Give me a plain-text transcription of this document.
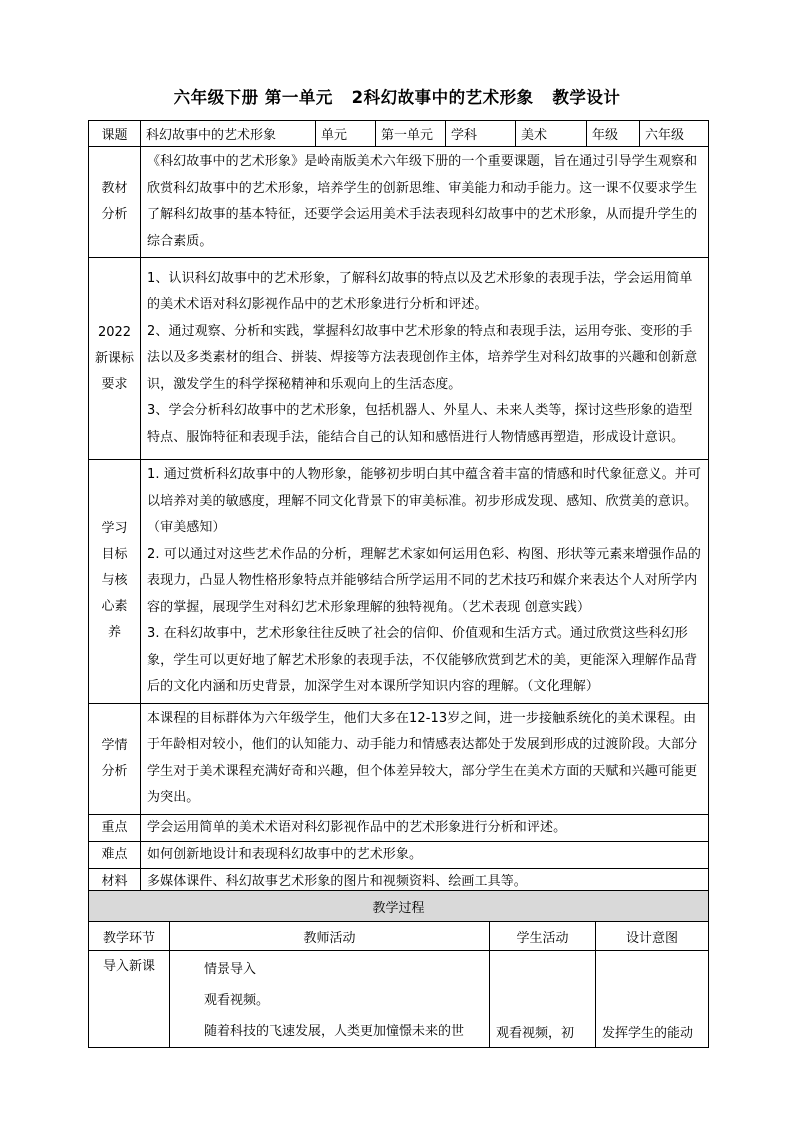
六年级下册 第一单元   2科幻故事中的艺术形象   教学设计
课题	科幻故事中的艺术形象	单元	第一单元	学科	美术	年级	六年级
教材分析	《科幻故事中的艺术形象》是岭南版美术六年级下册的一个重要课题，旨在通过引导学生观察和欣赏科幻故事中的艺术形象，培养学生的创新思维、审美能力和动手能力。这一课不仅要求学生了解科幻故事的基本特征，还要学会运用美术手法表现科幻故事中的艺术形象，从而提升学生的综合素质。						
2022新课标要求	1、认识科幻故事中的艺术形象，了解科幻故事的特点以及艺术形象的表现手法，学会运用简单的美术术语对科幻影视作品中的艺术形象进行分析和评述。

2、通过观察、分析和实践，掌握科幻故事中艺术形象的特点和表现手法，运用夸张、变形的手法以及多类素材的组合、拼装、焊接等方法表现创作主体，培养学生对科幻故事的兴趣和创新意识，激发学生的科学探秘精神和乐观向上的生活态度。

3、学会分析科幻故事中的艺术形象，包括机器人、外星人、未来人类等，探讨这些形象的造型特点、服饰特征和表现手法，能结合自己的认知和感悟进行人物情感再塑造，形成设计意识。						

学习目标与核心素养	1. 通过赏析科幻故事中的人物形象，能够初步明白其中蕴含着丰富的情感和时代象征意义。并可以培养对美的敏感度，理解不同文化背景下的审美标准。初步形成发现、感知、欣赏美的意识。（审美感知）

2. 可以通过对这些艺术作品的分析，理解艺术家如何运用色彩、构图、形状等元素来增强作品的表现力，凸显人物性格形象特点并能够结合所学运用不同的艺术技巧和媒介来表达个人对所学内容的掌握，展现学生对科幻艺术形象理解的独特视角。（艺术表现 创意实践）

3. 在科幻故事中，艺术形象往往反映了社会的信仰、价值观和生活方式。通过欣赏这些科幻形象，学生可以更好地了解艺术形象的表现手法，不仅能够欣赏到艺术的美，更能深入理解作品背后的文化内涵和历史背景，加深学生对本课所学知识内容的理解。（文化理解）						

学情分析	本课程的目标群体为六年级学生，他们大多在12-13岁之间，进一步接触系统化的美术课程。由于年龄相对较小，他们的认知能力、动手能力和情感表达都处于发展到形成的过渡阶段。大部分学生对于美术课程充满好奇和兴趣，但个体差异较大，部分学生在美术方面的天赋和兴趣可能更为突出。						
重点	学会运用简单的美术术语对科幻影视作品中的艺术形象进行分析和评述。						
难点	如何创新地设计和表现科幻故事中的艺术形象。						
材料	多媒体课件、科幻故事艺术形象的图片和视频资料、绘画工具等。						
教学过程			
教学环节	教师活动	学生活动	设计意图
导入新课	情景导入

观看视频。

随着科技的飞速发展，人类更加憧憬未来的世	观看视频，初	发挥学生的能动
